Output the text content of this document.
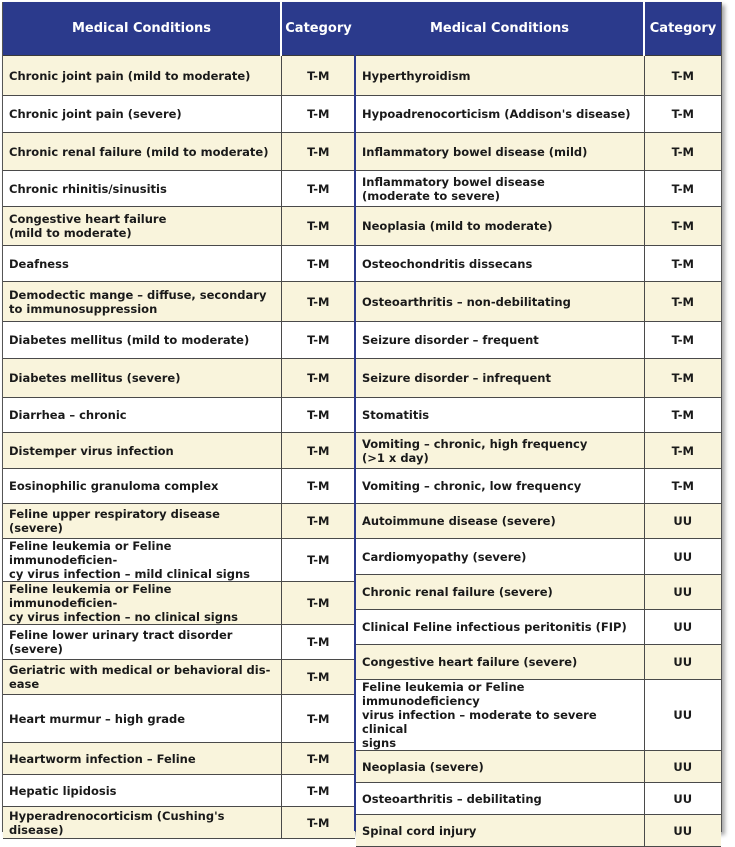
Medical Conditions	Category
Chronic joint pain (mild to moderate)	T-M
Chronic joint pain (severe)	T-M
Chronic renal failure (mild to moderate)	T-M
Chronic rhinitis/sinusitis	T-M
Congestive heart failure
(mild to moderate)	T-M
Deafness	T-M
Demodectic mange – diffuse, secondary
to immunosuppression	T-M
Diabetes mellitus (mild to moderate)	T-M
Diabetes mellitus (severe)	T-M
Diarrhea – chronic	T-M
Distemper virus infection	T-M
Eosinophilic granuloma complex	T-M
Feline upper respiratory disease (severe)	T-M
Feline leukemia or Feline immunodeficien-
cy virus infection – mild clinical signs	T-M
Feline leukemia or Feline immunodeficien-
cy virus infection – no clinical signs	T-M
Feline lower urinary tract disorder (severe)	T-M
Geriatric with medical or behavioral dis-
ease	T-M
Heart murmur – high grade	T-M
Heartworm infection – Feline	T-M
Hepatic lipidosis	T-M
Hyperadrenocorticism (Cushing's disease)	T-M
Medical Conditions	Category
Hyperthyroidism	T-M
Hypoadrenocorticism (Addison's disease)	T-M
Inflammatory bowel disease (mild)	T-M
Inflammatory bowel disease
(moderate to severe)	T-M
Neoplasia (mild to moderate)	T-M
Osteochondritis dissecans	T-M
Osteoarthritis – non-debilitating	T-M
Seizure disorder – frequent	T-M
Seizure disorder – infrequent	T-M
Stomatitis	T-M
Vomiting – chronic, high frequency
(>1 x day)	T-M
Vomiting – chronic, low frequency	T-M
Autoimmune disease (severe)	UU
Cardiomyopathy (severe)	UU
Chronic renal failure (severe)	UU
Clinical Feline infectious peritonitis (FIP)	UU
Congestive heart failure (severe)	UU
Feline leukemia or Feline immunodeficiency
virus infection – moderate to severe clinical
signs	UU
Neoplasia (severe)	UU
Osteoarthritis – debilitating	UU
Spinal cord injury	UU
